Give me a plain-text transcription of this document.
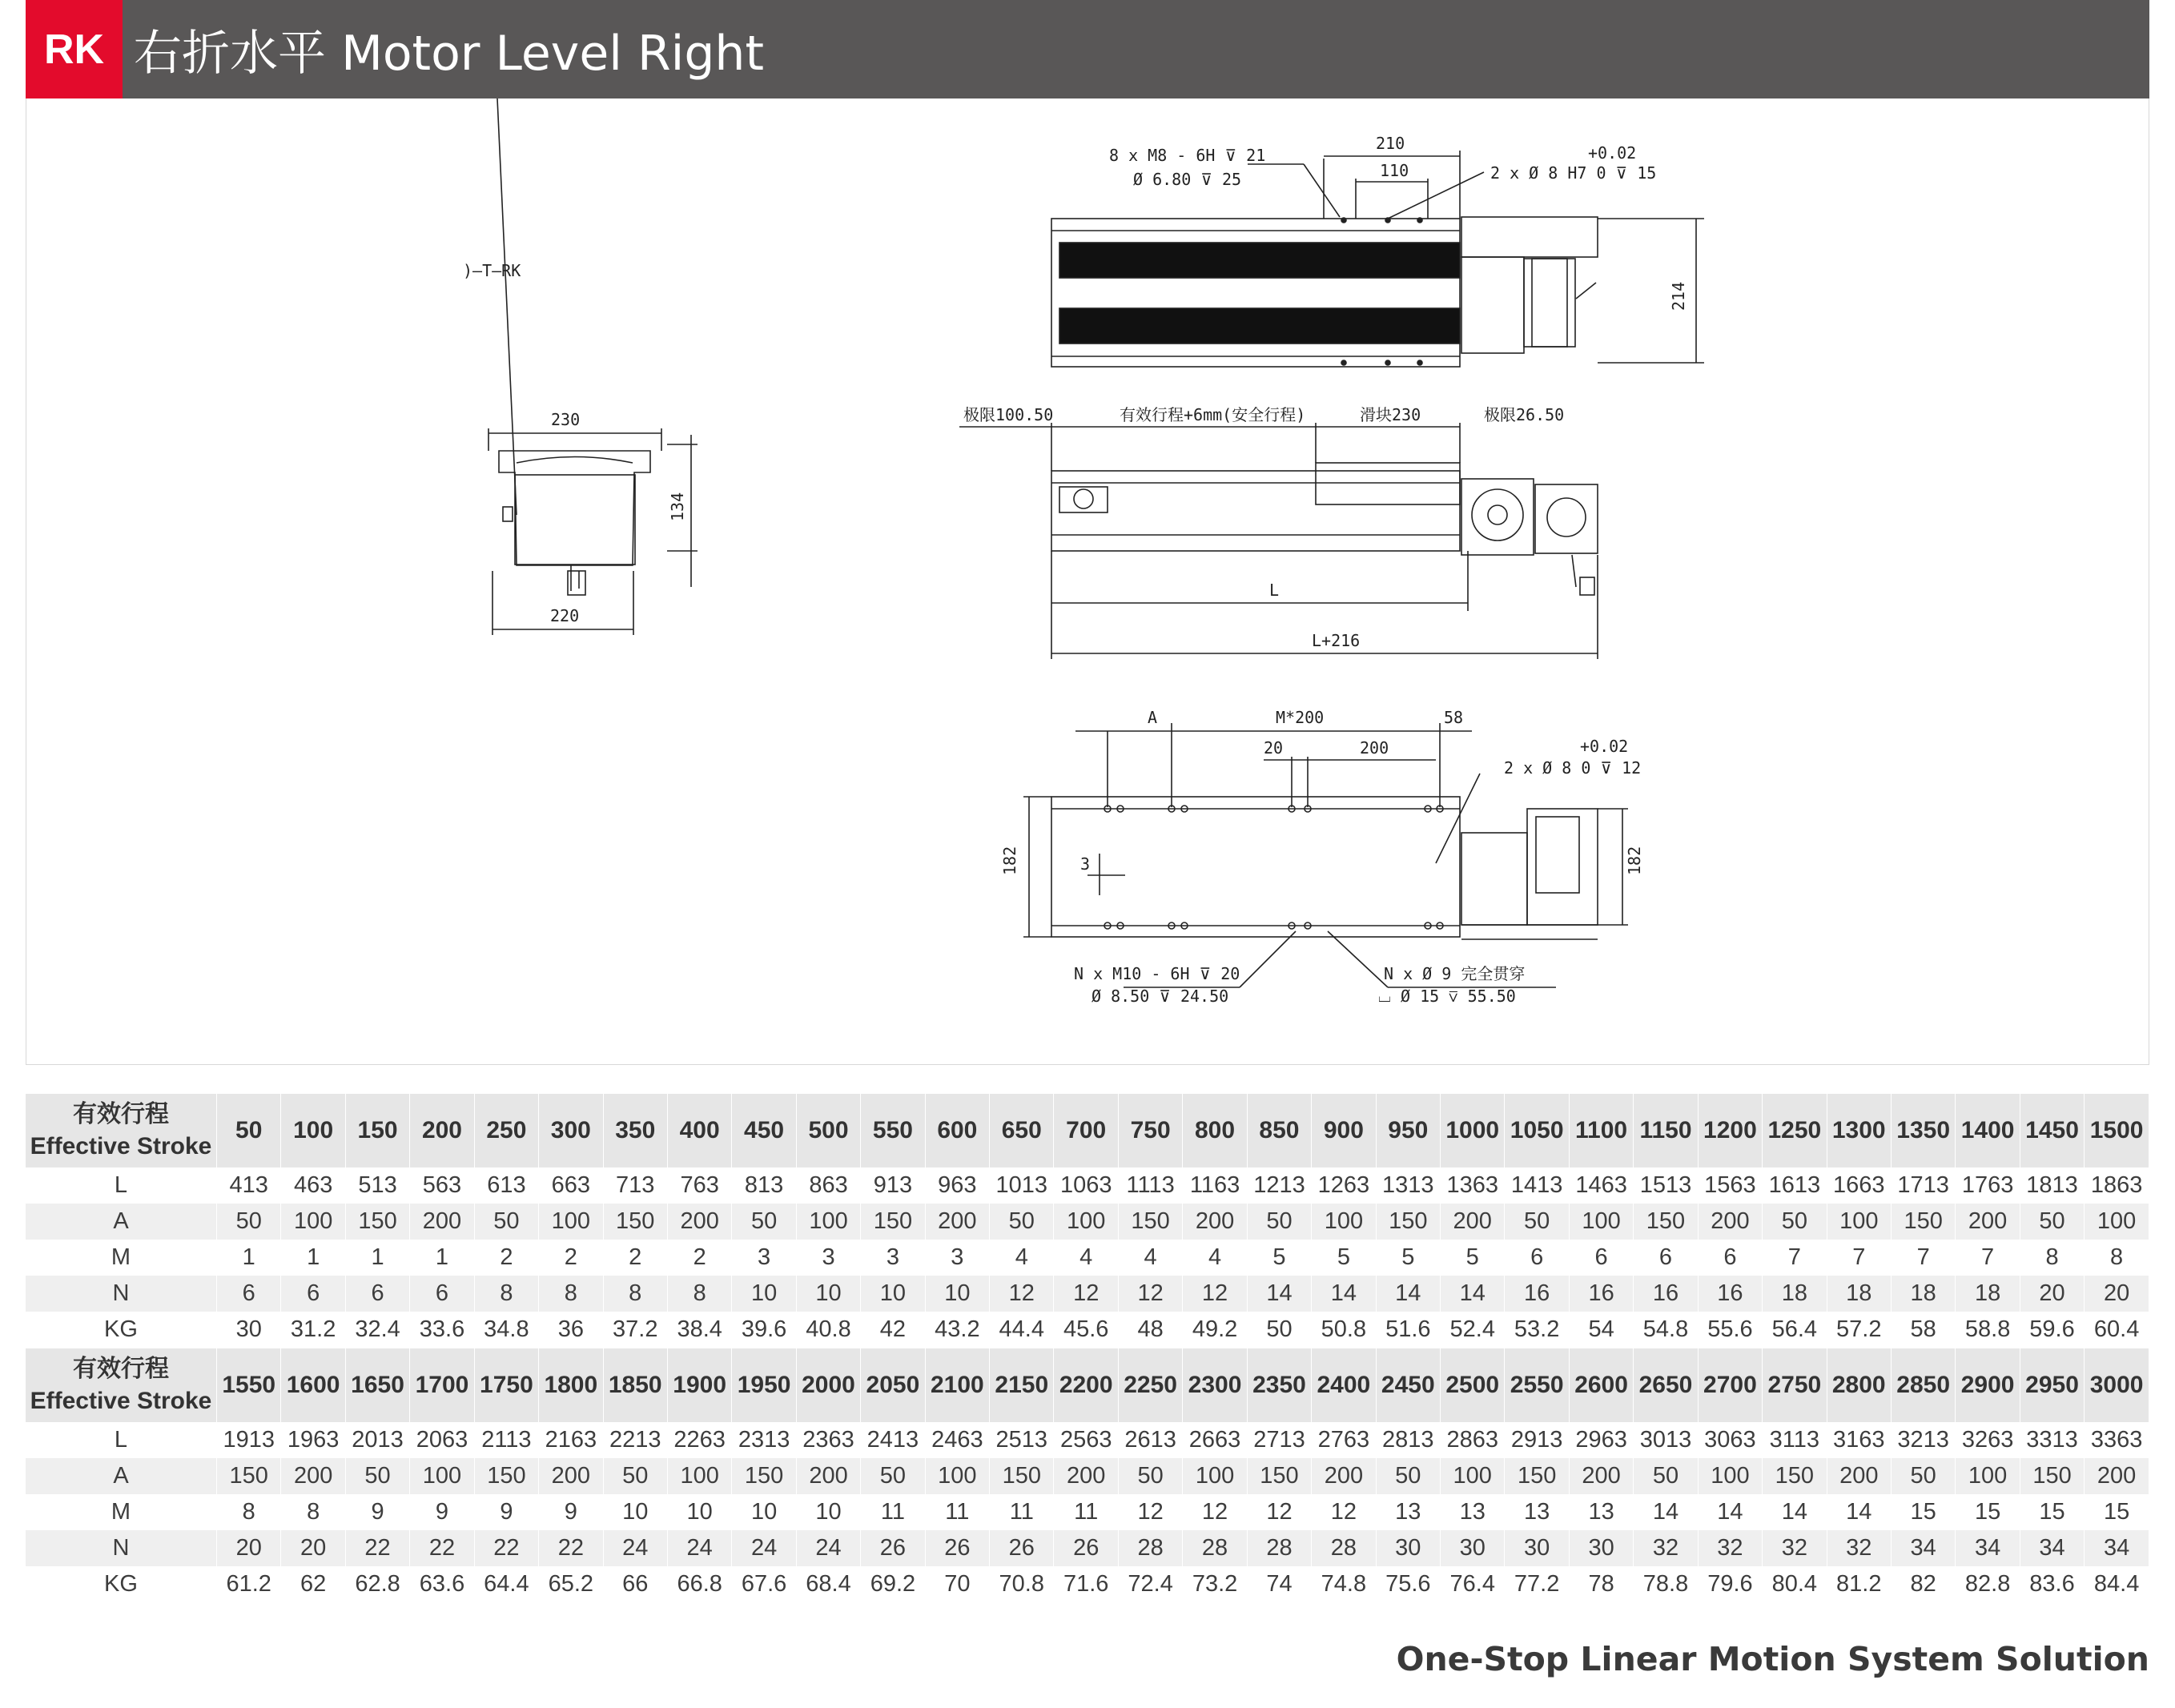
RK 右折水平 Motor Level Right
)—T—RK
230
220
134
8 x M8 - 6H ⊽ 21
Ø 6.80 ⊽ 25
210
110
+0.02
2 x Ø 8 H7 0 ⊽ 15
214
极限100.50	有效行程+6mm(安全行程)	滑块230	极限26.50
L
L+216
A	M*200	58
20	200	+0.02
2 x Ø 8 0 ⊽ 12
182	182
3
N x M10 - 6H ⊽ 20
Ø 8.50 ⊽ 24.50
N x Ø 9 完全贯穿
⌴ Ø 15 ⊽ 55.50
有效行程
Effective Stroke	50	100	150	200	250	300	350	400	450	500	550	600	650	700	750	800	850	900	950	1000	1050	1100	1150	1200	1250	1300	1350	1400	1450	1500
L	413	463	513	563	613	663	713	763	813	863	913	963	1013	1063	1113	1163	1213	1263	1313	1363	1413	1463	1513	1563	1613	1663	1713	1763	1813	1863
A	50	100	150	200	50	100	150	200	50	100	150	200	50	100	150	200	50	100	150	200	50	100	150	200	50	100	150	200	50	100
M	1	1	1	1	2	2	2	2	3	3	3	3	4	4	4	4	5	5	5	5	6	6	6	6	7	7	7	7	8	8
N	6	6	6	6	8	8	8	8	10	10	10	10	12	12	12	12	14	14	14	14	16	16	16	16	18	18	18	18	20	20
KG	30	31.2	32.4	33.6	34.8	36	37.2	38.4	39.6	40.8	42	43.2	44.4	45.6	48	49.2	50	50.8	51.6	52.4	53.2	54	54.8	55.6	56.4	57.2	58	58.8	59.6	60.4
有效行程
Effective Stroke	1550	1600	1650	1700	1750	1800	1850	1900	1950	2000	2050	2100	2150	2200	2250	2300	2350	2400	2450	2500	2550	2600	2650	2700	2750	2800	2850	2900	2950	3000
L	1913	1963	2013	2063	2113	2163	2213	2263	2313	2363	2413	2463	2513	2563	2613	2663	2713	2763	2813	2863	2913	2963	3013	3063	3113	3163	3213	3263	3313	3363
A	150	200	50	100	150	200	50	100	150	200	50	100	150	200	50	100	150	200	50	100	150	200	50	100	150	200	50	100	150	200
M	8	8	9	9	9	9	10	10	10	10	11	11	11	11	12	12	12	12	13	13	13	13	14	14	14	14	15	15	15	15
N	20	20	22	22	22	22	24	24	24	24	26	26	26	26	28	28	28	28	30	30	30	30	32	32	32	32	34	34	34	34
KG	61.2	62	62.8	63.6	64.4	65.2	66	66.8	67.6	68.4	69.2	70	70.8	71.6	72.4	73.2	74	74.8	75.6	76.4	77.2	78	78.8	79.6	80.4	81.2	82	82.8	83.6	84.4
One-Stop Linear Motion System Solution
